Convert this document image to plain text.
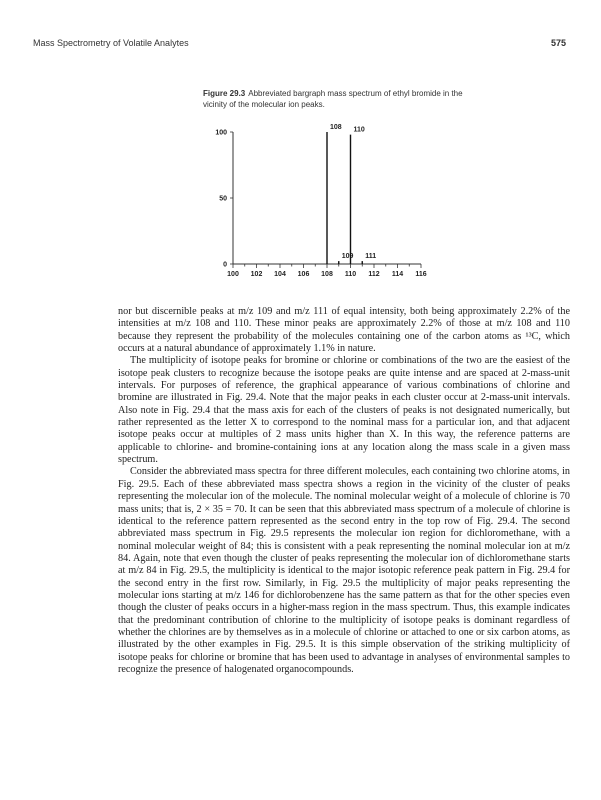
Mass Spectrometry of Volatile Analytes	575
Figure 29.3 Abbreviated bargraph mass spectrum of ethyl bromide in the vicinity of the molecular ion peaks.
100 102 104 106 108 110 112 114 116
0
50
100
108
109
110
111

nor but discernible peaks at m/z 109 and m/z 111 of equal intensity, both being approximately 2.2% of the intensities at m/z 108 and 110. These minor peaks are approximately 2.2% of those at m/z 108 and 110 because they represent the probability of the molecules containing one of the carbon atoms as ¹³C, which occurs at a natural abundance of approximately 1.1% in nature.

The multiplicity of isotope peaks for bromine or chlorine or combinations of the two are the easiest of the isotope peak clusters to recognize because the isotope peaks are quite intense and are spaced at 2-mass-unit intervals. For purposes of reference, the graphical appearance of various combinations of chlorine and bromine are illustrated in Fig. 29.4. Note that the major peaks in each cluster occur at 2-mass-unit intervals. Also note in Fig. 29.4 that the mass axis for each of the clusters of peaks is not designated numerically, but rather represented as the letter X to correspond to the nominal mass for a particular ion, and that adjacent isotope peaks occur at multiples of 2 mass units higher than X. In this way, the reference patterns are applicable to chlorine- and bromine-containing ions at any location along the mass scale in a given mass spectrum.

Consider the abbreviated mass spectra for three different molecules, each containing two chlorine atoms, in Fig. 29.5. Each of these abbreviated mass spectra shows a region in the vicinity of the cluster of peaks representing the molecular ion of the molecule. The nominal molecular weight of a molecule of chlorine is 70 mass units; that is, 2 × 35 = 70. It can be seen that this abbreviated mass spectrum of a molecule of chlorine is identical to the reference pattern represented as the second entry in the top row of Fig. 29.4. The second abbreviated mass spectrum in Fig. 29.5 represents the molecular ion region for dichloromethane, with a nominal molecular weight of 84; this is consistent with a peak representing the nominal molecular ion at m/z 84. Again, note that even though the cluster of peaks representing the molecular ion of dichloromethane starts at m/z 84 in Fig. 29.5, the multiplicity is identical to the major isotopic reference peak pattern in Fig. 29.4 for the second entry in the first row. Similarly, in Fig. 29.5 the multiplicity of major peaks representing the molecular ions starting at m/z 146 for dichlorobenzene has the same pattern as that for the other species even though the cluster of peaks occurs in a higher-mass region in the mass spectrum. Thus, this example indicates that the predominant contribution of chlorine to the multiplicity of isotope peaks is dominant regardless of whether the chlorines are by themselves as in a molecule of chlorine or attached to one or six carbon atoms, as illustrated by the other examples in Fig. 29.5. It is this simple observation of the striking multiplicity of isotope peaks for chlorine or bromine that has been used to advantage in analyses of environmental samples to recognize the presence of halogenated organocompounds.
